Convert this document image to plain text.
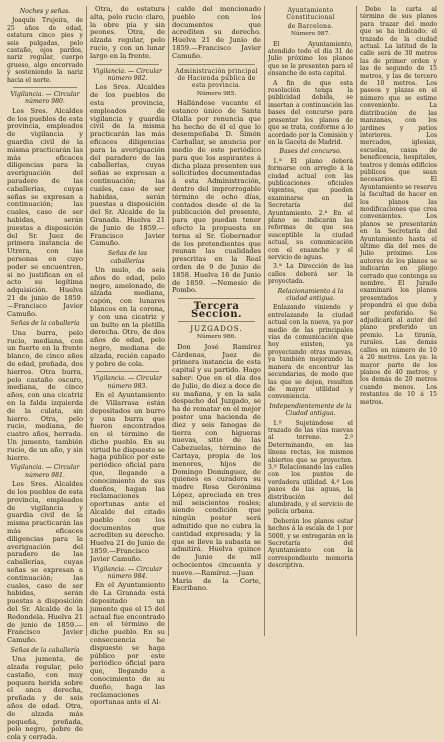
Noches y señas.

Joaquín Trujeira, de 25 años de edad, estatura cinco pies y seis pulgadas, pelo castaño, ojos pardos, nariz regular, cuerpo grueso, algo encorvado y sosteniendo la nariz hacia el norte.

Vigilancia. — Circular número 980.

Los Sres. Alcaldes de los pueblos de esta provincia, empleados de vigilancia y guardia civil de la misma practicarán las más eficaces diligencias para la averiguación del paradero de las caballerías, cuyas señas se expresan a continuación; las cuales, caso de ser habidas, serán puestas a disposición del Sr. Juez de primera instancia de Utrera, con las personas en cuyo poder se encuentren, si no justifican en el acto su legítima adquisición. Huelva 21 de junio de 1859.—Francisco Javier Camuño.

Señas de la caballería

Una burra, pelo rucio, mediana, con un fuerte en la frente blanco, de cinco años de edad, preñada, dos hierros. Otra burra, pelo castaño oscuro, mediana, de cinco años, con una cicatriz en la falda izquierda de la culata, sin hierro. Otra, pelo rucio, mediana, de cuatro años, herrada. Un jumento, también rucio, de un año, y sin hierro.

Vigilancia. — Circular número 981.

Los Sres. Alcaldes de los pueblos de esta provincia, empleados de vigilancia y guardia civil de la misma practicarán las más eficaces diligencias para la averiguación del paradero de las caballerías, cuyas señas se expresan a continuación; las cuales, caso de ser habidas, serán puestas a disposición del Sr. Alcalde de la Redondela. Huelva 21 de junio de 1859.—Francisco Javier Camuño.

Señas de la caballería

Una jumenta, de alzada regular, pelo castaño, con muy poquera herida sobre el anca derecha, preñada y de seis años de edad. Otra, de alzada más pequeña, preñada, pelo negro, pobre de cola y cerrada.

Otra, de estatura alta, pelo rucio claro, la obre pia y sin peones. Otra, de alzada regular, pelo rucio, y con un lunar largo en la frente.

Vigilancia. — Circular número 982.

Los Sres. Alcaldes de los pueblos de esta provincia, empleados de vigilancia y guardia civil de la misma practicarán las más eficaces diligencias para la averiguación del paradero de las caballerías, cuyas señas se expresan a continuación; las cuales, caso de ser habidas, serán puestas a disposición del Sr. Alcalde de la Granada. Huelva 21 de Junio de 1859.—Francisco Javier Camuño.

Señas de las caballerías

Un mulo, de seis años de edad, pelo negro, amelonado, de alzada mediana, capón, con lunares blancos en la corona, y con una cicatriz y un bulto en la pletilla derecha. Otro, de dos años de edad, pelo negro, mediana de alzada, recién capado y pobre de cola.

Vigilancia. — Circular número 983.

En el Ayuntamiento de Villarrasa están depositados un burro y una burra que fueron encontrados en el término de dicho pueblo. En su virtud he dispuesto se haga público por este periódico oficial para que, llegando a conocimiento de sus dueños, hagan las reclamaciones oportunas ante el Alcalde del citado pueblo con los documentos que acrediten su derecho. Huelva 21 de Junio de 1859.—Francisco Javier Camuño.

Vigilancia. — Circular número 984.

En el Ayuntamiento de La Granada está depositado un jumento que el 15 del actual fue encontrado en el término de dicho pueblo. En su consecuencia he dispuesto se haga público por este periódico oficial para que, llegando a conocimiento de su dueño, haga las reclamaciones oportunas ante el Al-

calde del mencionado pueblo con los documentos que acrediten su derecho. Huelva 21 de Junio de 1859.—Francisco Javier Camuño.

Administración principal de Hacienda pública de esta provincia.
Número 985.

Hallándose vacante el estanco único de Santa Olalla por renuncia que ha hecho de él el que lo desempeñaba D. Simón Carballar, se anuncia por medio de este periódico para que los aspirantes á dicha plaza presenten sus solicitudes documentadas á esta Administración, dentro del improrrogable término de ocho días, contados desde el de la publicación del presente, para que puedan tener efecto la propuesta en terna al Sr. Gobernador de los pretendientes que reunan las cualidades prescritas en la Real orden de 9 de Junio de 1858. Huelva 16 de Junio de 1859. —Nemesio de Pombo.

Tercera Seccion.
JUZGADOS.
Número 986.

Don José Ramírez Cárdenas, Juez de primera instancia de esta capital y su partido. Hago saber: Que en el día dos de Julio, de diez a doce de su mañana, y en la sala despacho del Juzgado, se ha de rematar en el mejor postor una hacienda de diez y seis fanegas de tierra con higueras nuevas, sitio de las Cabezuelas, término de Cartaya, propia de los menores, hijos de Domingo Domínguez, de quienes es curadora su madre Rosa Gerónima López, apreciada en tres mil seiscientos reales; siendo condición que ningún postor será admitido que no cubra la cantidad expresada; y la que se lleve la subasta se admitirá. Huelva quince de Junio de mil ochocientos cincuenta y nueve.—Ramírez.—Juan María de la Corte, Escribano.

Ayuntamiento Constitucional
de Barcelona.
Número 987.

El Ayuntamiento, atendido todo el día 31 de Julio próximo los planos que se le presenten para el ensanche de esta capital.

A fin de que esta resolución tenga la publicidad debida, se insertan a continuación las bases del concurso para presentar los planos de que se trata, conforme a lo acordado por la Comisión y en la Gaceta de Madrid.

Bases del concurso.

1.ª El plano deberá formarse con arreglo á la ciudad actual con las publicaciones oficiales vigentes, que pueden examinarse en la Secretaría del Ayuntamiento. 2.ª En el plano se indicarán las reformas de que sea susceptible la ciudad actual, su comunicación con el ensanche y el servicio de aguas.

3.ª La Dirección de las calles deberá ser la proyectada.

Relacionamiento á la ciudad antigua.

Enlazando viniendo y entrelazando la ciudad actual con la nueva, ya por medio de las principales vías de comunicación que hoy existen, ya proyectando otras nuevas, ya también mejorando la manera de encontrar las secundarias, de modo que las que se dejen, resulten de mayor utilidad y conveniencia.

Independientemente de la Ciudad antigua.

1.º Sujetándose el trazado de las vías nuevas al terreno. 2.º Determinando, en las líneas rectas, los mismos abiertos que se proyecten. 3.º Relacionando las calles con los puntos de verdadera utilidad. 4.º Los pasos de las aguas, la distribución del alumbrado, y el servicio de policía urbana.

Deberán los planos estar hechos á la escala de 1 por 5000, y se entregarán en la Secretaría del Ayuntamiento con la correspondiente memoria descriptiva.

Debe la carta al término de sus planos para trazar del modo que se ha indicado: el trazado de la ciudad actual. La latitud de la calle será de 30 metros las de primer orden y las de segundo de 15 metros, y las de tercero de 10 metros. Los paseos y plazas en el número que se estime conveniente. La distribución de las manzanas, con los jardines y patios interiores. Los mercados, iglesias, escuelas, casas de beneficencia, hospitales, teatros y demás edificios públicos que sean necesarios. El Ayuntamiento se reserva la facultad de hacer en los planos las modificaciones que crea convenientes. Los planos se presentarán en la Secretaría del Ayuntamiento hasta el último día del mes de Julio próximo. Los autores de los planos se indicarán en pliego cerrado que contenga su nombre. El Jurado examinará los planos presentados y propondrá el que deba ser preferido. Se adjudicará al autor del plano preferido un premio. La tiranía, rurales. Las demás calles en número de 10 á 20 metros. Los ya: la mayor parte de los planos de 40 metros; y los demás de 20 metros cuando menos. Los restantes de 10 á 15 metros.
